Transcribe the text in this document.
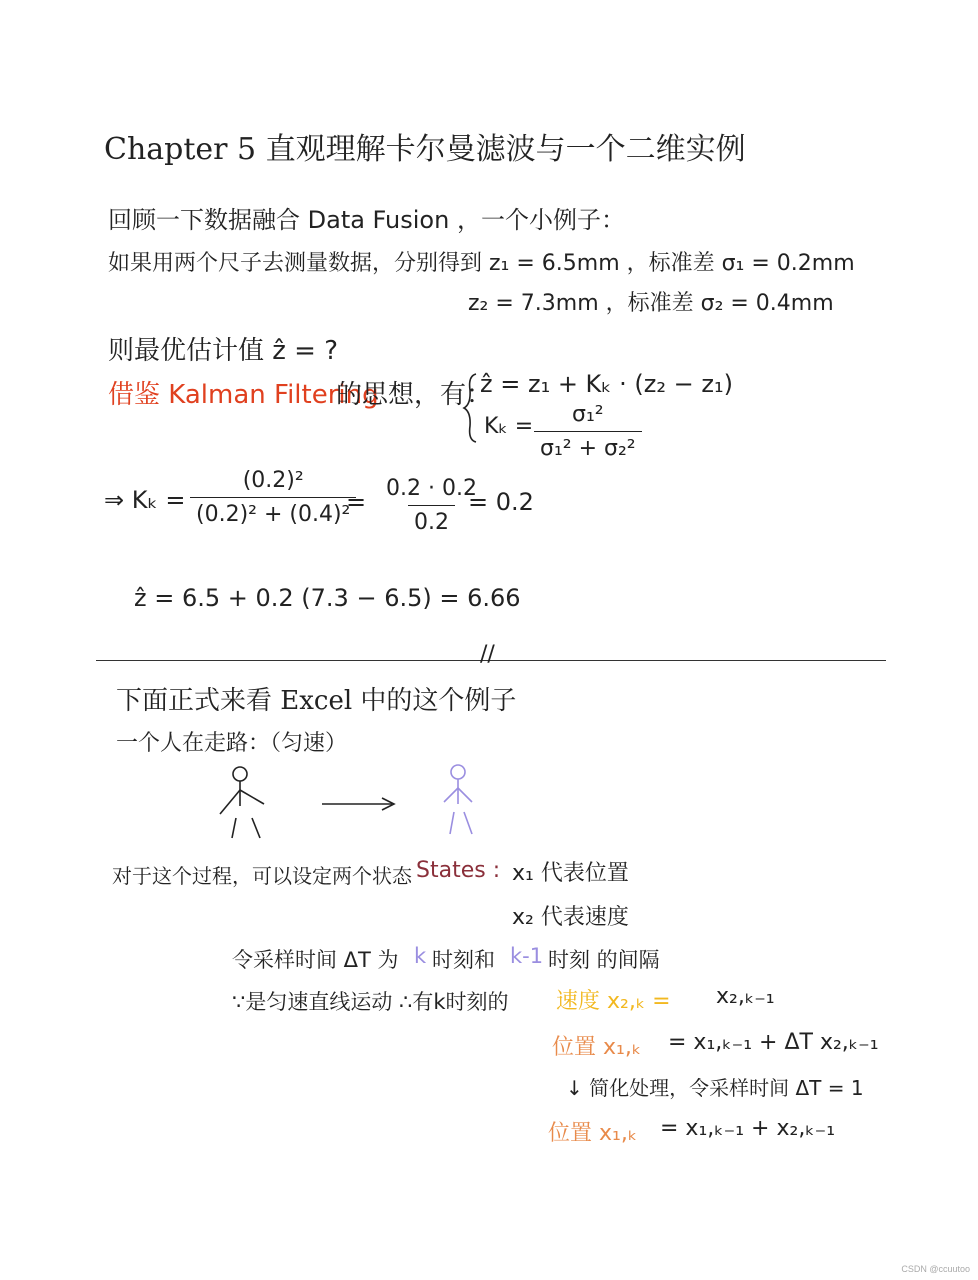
Chapter 5 直观理解卡尔曼滤波与一个二维实例
回顾一下数据融合 Data Fusion ，一个小例子：
如果用两个尺子去测量数据，分别得到 z₁ = 6.5mm ，标准差 σ₁ = 0.2mm
z₂ = 7.3mm ，标准差 σ₂ = 0.4mm
则最优估计值 ẑ = ?
借鉴 Kalman Filtering
的思想，有：
ẑ = z₁ + Kₖ · (z₂ − z₁)
$K_k = \frac{\text{σ₁²}}{\text{σ₁² + σ₂²}}$
⇒ $K_k = \frac{\text{(0.2)²}}{\text{(0.2)² + (0.4)²}}$
= $\frac{0.2 \cdot 0.2}{0.2}$
= 0.2
ẑ = 6.5 + 0.2 (7.3 − 6.5) = 6.66
//
下面正式来看 Excel 中的这个例子
一个人在走路：（匀速）
对于这个过程，可以设定两个状态 States : x₁ 代表位置
x₂ 代表速度
令采样时间 ΔT 为 k 时刻和 k-1 时刻 的间隔
∵是匀速直线运动 ∴有k时刻的 速度 x₂,ₖ = x₂,ₖ₋₁
位置 x₁,ₖ = x₁,ₖ₋₁ + ΔT x₂,ₖ₋₁
↓ 简化处理，令采样时间 ΔT = 1
位置 x₁,ₖ = x₁,ₖ₋₁ + x₂,ₖ₋₁
CSDN @ccuutoo
